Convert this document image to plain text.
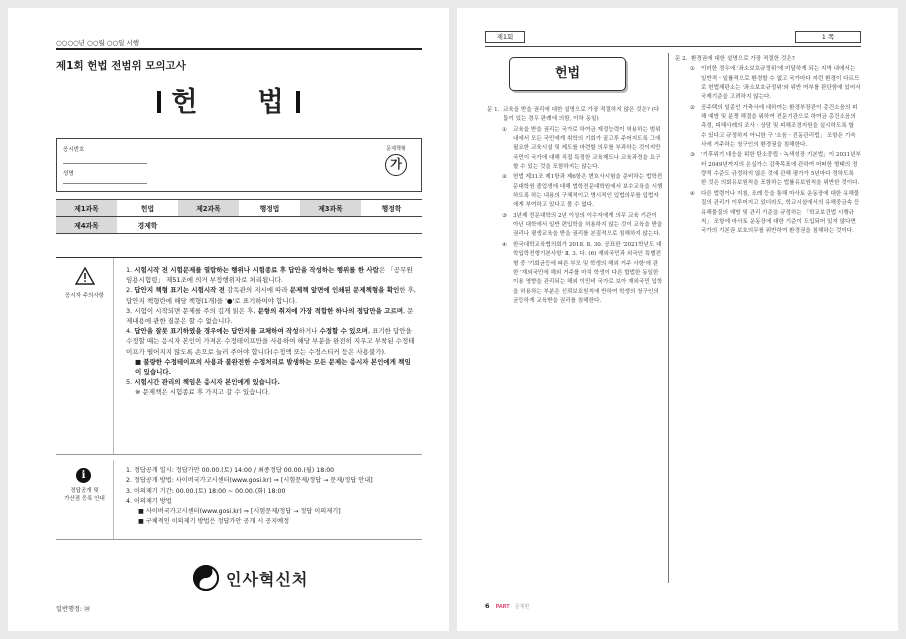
○○○○년 ○○월 ○○일 시행
제1회 헌법 전범위 모의고사
헌　　법
응시번호
성명
문제책형
가
제1과목	헌법	제2과목	행정법	제3과목	행정학
제4과목	경제학				
응시자 주의사항
1. 시험시작 전 시험문제를 열람하는 행위나 시험종료 후 답안을 작성하는 행위를 한 사람은 「공무원임용시험령」 제51조에 의거 부정행위자로 처리됩니다.
2. 답안지 책형 표기는 시험시작 전 감독관의 지시에 따라 문제책 앞면에 인쇄된 문제책형을 확인한 후, 답안지 책형란에 해당 책형(1개)을 '●'로 표기하여야 합니다.
3. 시험이 시작되면 문제를 주의 깊게 읽은 후, 문항의 취지에 가장 적합한 하나의 정답만을 고르며, 문제내용에 관한 질문은 할 수 없습니다.
4. 답안을 잘못 표기하였을 경우에는 답안지를 교체하여 작성하거나 수정할 수 있으며, 표기한 답안을 수정할 때는 응시자 본인이 가져온 수정테이프만을 사용하여 해당 부분을 완전히 지우고 부착된 수정테이프가 떨어지지 않도록 손으로 눌러 주어야 합니다(수정액 또는 수정스티커 등은 사용불가).
■ 불량한 수정테이프의 사용과 불완전한 수정처리로 발생하는 모든 문제는 응시자 본인에게 책임이 있습니다.
5. 시험시간 관리의 책임은 응시자 본인에게 있습니다.
※ 문제책은 시험종료 후 가지고 갈 수 있습니다.
i
정답공개 및
가산점 등록 안내
1. 정답공개 일시: 정답가안 00.00.(토) 14:00 / 최종정답 00.00.(월) 18:00
2. 정답공개 방법: 사이버국가고시센터(www.gosi.kr) ⇒ [시험문제/정답 → 문제/정답 안내]
3. 이의제기 기간: 00.00.(토) 18:00 ~ 00.00.(화) 18:00
4. 이의제기 방법
■ 사이버국가고시센터(www.gosi.kr) ⇒ [시험문제/정답 → 정답 이의제기]
■ 구체적인 이의제기 방법은 정답가안 공개 시 공지예정
인사혁신처
일반행정: ⑳
제1회	1 쪽
헌법
문 1. 교육을 받을 권리에 대한 설명으로 가장 적절하지 않은 것은? (다툼이 있는 경우 판례에 의함, 이하 동일)
① 교육을 받을 권리는 국가로 하여금 재정능력이 허용하는 범위 내에서 모든 국민에게 취학의 기회가 골고루 주어지도록 그에 필요한 교육시설 및 제도를 마련할 의무를 부과하는 것이지만 국민이 국가에 대해 직접 특정한 교육제도나 교육과정을 요구할 수 있는 것을 포함하지는 않는다.
② 헌법 제31조 제1항과 제6항은 변호사시험을 준비하는 법학전문대학원 졸업생에 대해 법학전문대학원에서 보수교육을 시행하도록 하는 내용의 구체적이고 명시적인 입법의무를 입법자에게 부여하고 있다고 볼 수 없다.
③ 3년제 전문대학의 2년 이상의 이수자에게 의무 교육 기관이 아닌 대학에서 일반 편입학을 허용하지 않는 것이 교육을 받을 권리나 평생교육을 받을 권리를 본질적으로 침해하지 않는다.
④ 한국대학교육협의회가 2018. 8. 30. 공표한 '2021학년도 대학입학전형기본사항' Ⅱ. 3. 다. (6) 재외국민과 외국인 특별전형 중 '기회균등에 따른 부모 및 학생의 해외 거주 사항'에 관한 '재외국민에 해외 거주를 마치 학생이 다른 합법한 동일한 이용 영향을 관리되는 해외 이민비 국가로 보아 재외국민 입학을 허용하는 부분은 신뢰보호원칙에 반하여 학생의 청구인의 균등하게 교육받을 권리를 침해한다.
문 2. 환경권에 대한 설명으로 가장 적절한 것은?
① 이러한 경우에 '좌소보호규정위'에 미달하게 되는 지역 내에서는 일반적ㆍ일률적으로 환경할 수 없고 국가마다 저런 환경이 다르므로 헌법재판소는 '좌소보호규정위'와 위반 여부를 판단함에 있어서 국제기준을 고려하지 않는다.
② 공주택의 일종인 가축사에 대하여는 환경부장관이 총건소음의 피해 예방 및 분쟁 해결을 위하여 전문기관으로 하여금 총건소음의 측정, 피해사례의 조사ㆍ상담 및 피해조정지원을 실시하도록 할 수 있다고 규정하지 아니한 구 '소음ㆍ진동관리법」 조항은 기숙사에 거주하는 청구인의 환경권을 침해한다.
③ '기후위기 대응을 위한 탄소중립ㆍ녹색성장 기본법」이 2031년부터 2049년까지의 온실가스 감축목표에 관하여 어떠한 형태의 정량적 수준도 규정하지 않은 것에 관해 평가가 5년마다 정하도록 한 것은 의회유보원칙을 포함하는 법률유보원칙을 위반한 것이다.
④ 다른 법령이나 지침, 조례 등을 통해 마사토 운동장에 대한 유해물질의 관리가 이루어지고 있더라도, 학교시설에서의 유해중금속 등 유해물질의 예방 및 관리 기준을 규정하는 「학교보건법 시행규칙」 조항에 마사토 운동장에 대한 기준이 도입되어 있지 않다면 국가의 기본권 보호의무를 위반하여 환경권을 침해하는 것이다.
6 PART 문제편
